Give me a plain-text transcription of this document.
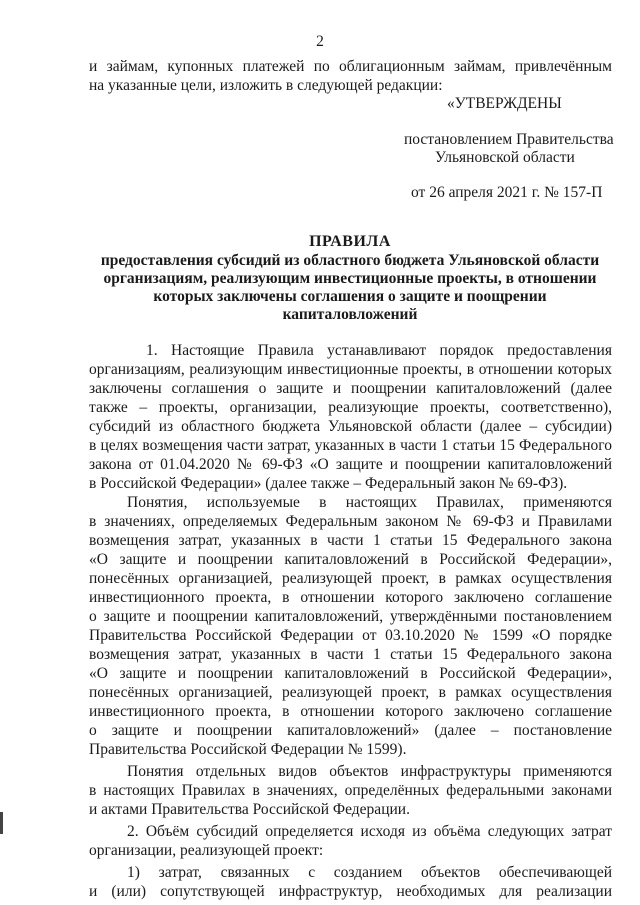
2
и займам, купонных платежей по облигационным займам, привлечённым
на указанные цели, изложить в следующей редакции:
«УТВЕРЖДЕНЫ
постановлением Правительства
Ульяновской области
от 26 апреля 2021 г. № 157-П
ПРАВИЛА
предоставления субсидий из областного бюджета Ульяновской области
организациям, реализующим инвестиционные проекты, в отношении
которых заключены соглашения о защите и поощрении
капиталовложений
1. Настоящие Правила устанавливают порядок предоставления
организациям, реализующим инвестиционные проекты, в отношении которых
заключены соглашения о защите и поощрении капиталовложений (далее
также – проекты, организации, реализующие проекты, соответственно),
субсидий из областного бюджета Ульяновской области (далее – субсидии)
в целях возмещения части затрат, указанных в части 1 статьи 15 Федерального
закона от 01.04.2020 № 69-ФЗ «О защите и поощрении капиталовложений
в Российской Федерации» (далее также – Федеральный закон № 69-ФЗ).
Понятия, используемые в настоящих Правилах, применяются
в значениях, определяемых Федеральным законом № 69-ФЗ и Правилами
возмещения затрат, указанных в части 1 статьи 15 Федерального закона
«О защите и поощрении капиталовложений в Российской Федерации»,
понесённых организацией, реализующей проект, в рамках осуществления
инвестиционного проекта, в отношении которого заключено соглашение
о защите и поощрении капиталовложений, утверждёнными постановлением
Правительства Российской Федерации от 03.10.2020 № 1599 «О порядке
возмещения затрат, указанных в части 1 статьи 15 Федерального закона
«О защите и поощрении капиталовложений в Российской Федерации»,
понесённых организацией, реализующей проект, в рамках осуществления
инвестиционного проекта, в отношении которого заключено соглашение
о защите и поощрении капиталовложений» (далее – постановление
Правительства Российской Федерации № 1599).
Понятия отдельных видов объектов инфраструктуры применяются
в настоящих Правилах в значениях, определённых федеральными законами
и актами Правительства Российской Федерации.
2. Объём субсидий определяется исходя из объёма следующих затрат
организации, реализующей проект:
1) затрат, связанных с созданием объектов обеспечивающей
и (или) сопутствующей инфраструктур, необходимых для реализации
